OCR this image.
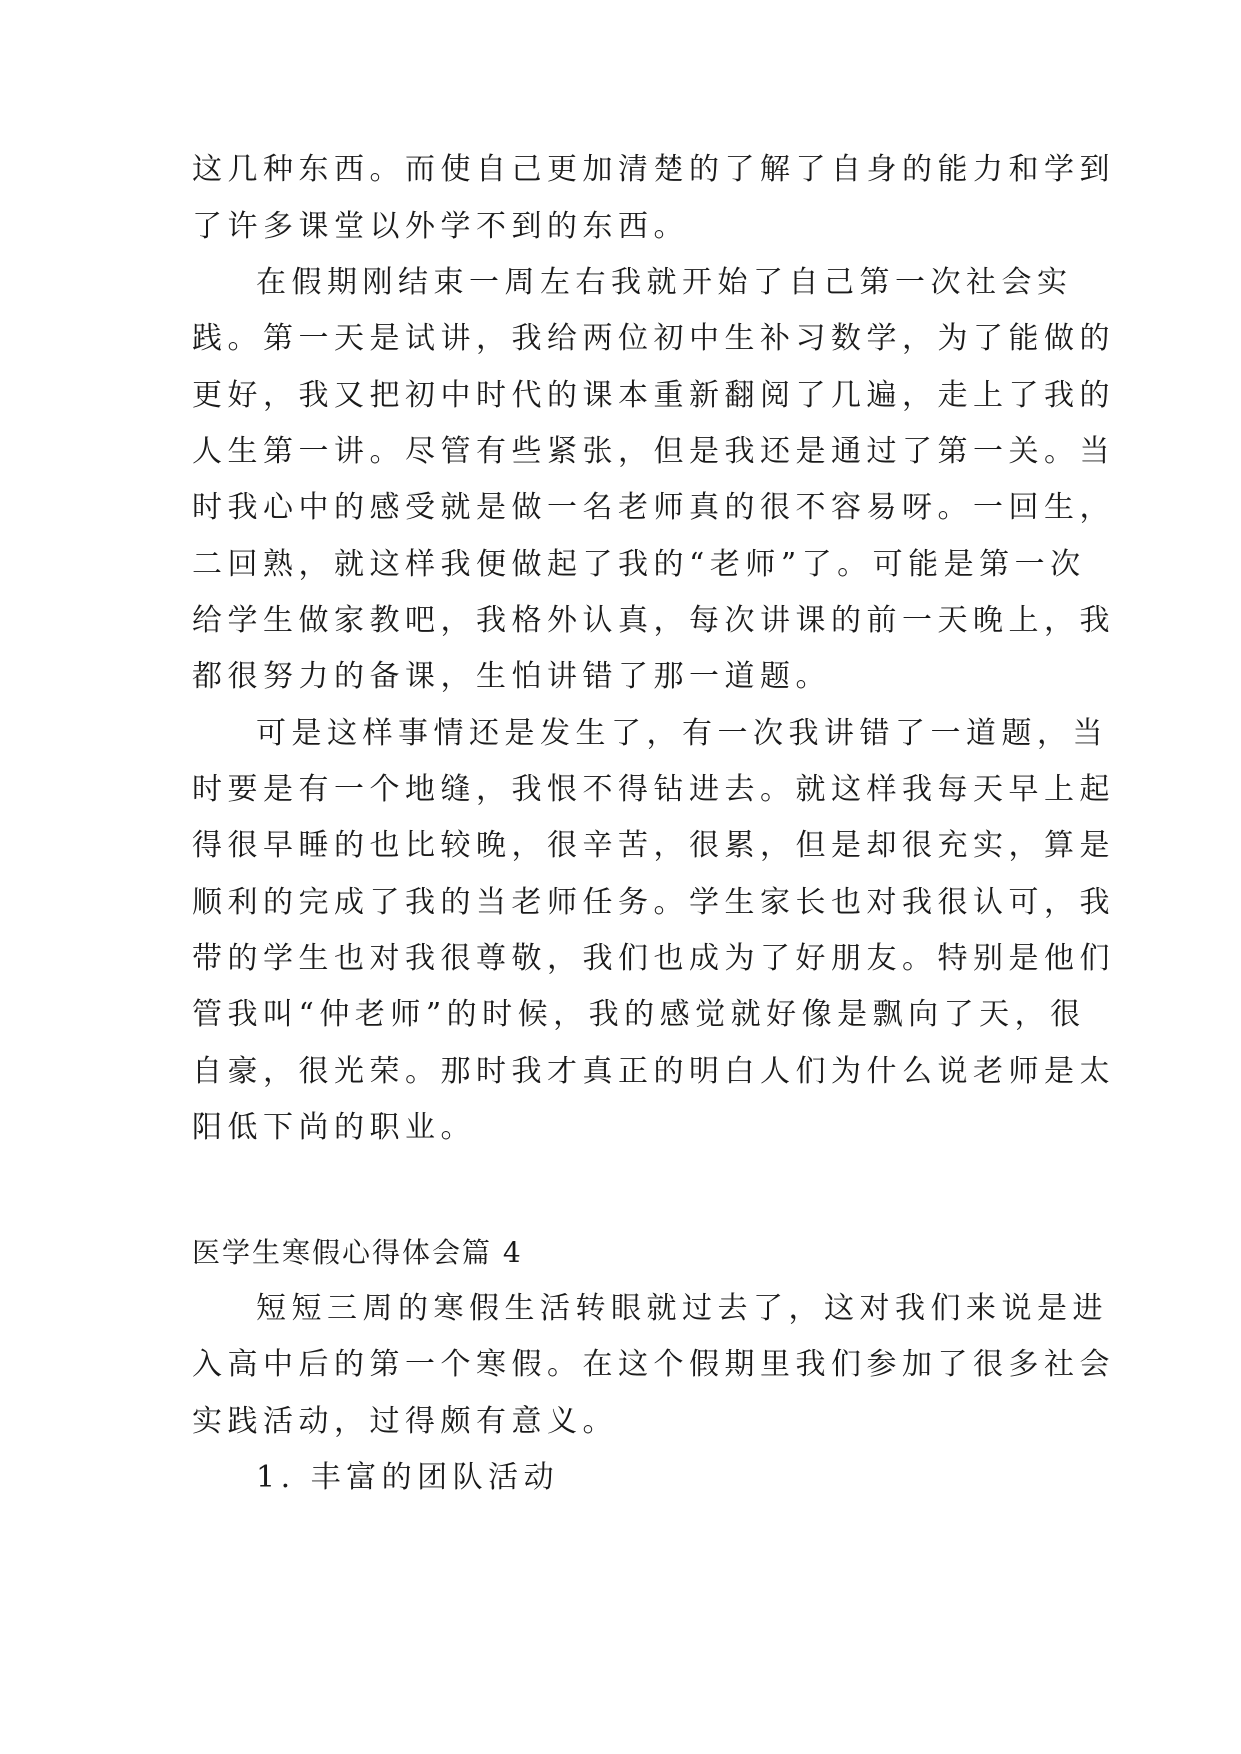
这几种东西。而使自己更加清楚的了解了自身的能力和学到
了许多课堂以外学不到的东西。
在假期刚结束一周左右我就开始了自己第一次社会实
践。第一天是试讲，我给两位初中生补习数学，为了能做的
更好，我又把初中时代的课本重新翻阅了几遍，走上了我的
人生第一讲。尽管有些紧张，但是我还是通过了第一关。当
时我心中的感受就是做一名老师真的很不容易呀。一回生，
二回熟，就这样我便做起了我的“老师”了。可能是第一次
给学生做家教吧，我格外认真，每次讲课的前一天晚上，我
都很努力的备课，生怕讲错了那一道题。
可是这样事情还是发生了，有一次我讲错了一道题，当
时要是有一个地缝，我恨不得钻进去。就这样我每天早上起
得很早睡的也比较晚，很辛苦，很累，但是却很充实，算是
顺利的完成了我的当老师任务。学生家长也对我很认可，我
带的学生也对我很尊敬，我们也成为了好朋友。特别是他们
管我叫“仲老师”的时候，我的感觉就好像是飘向了天，很
自豪，很光荣。那时我才真正的明白人们为什么说老师是太
阳低下尚的职业。
医学生寒假心得体会篇 4
短短三周的寒假生活转眼就过去了，这对我们来说是进
入高中后的第一个寒假。在这个假期里我们参加了很多社会
实践活动，过得颇有意义。
1. 丰富的团队活动
